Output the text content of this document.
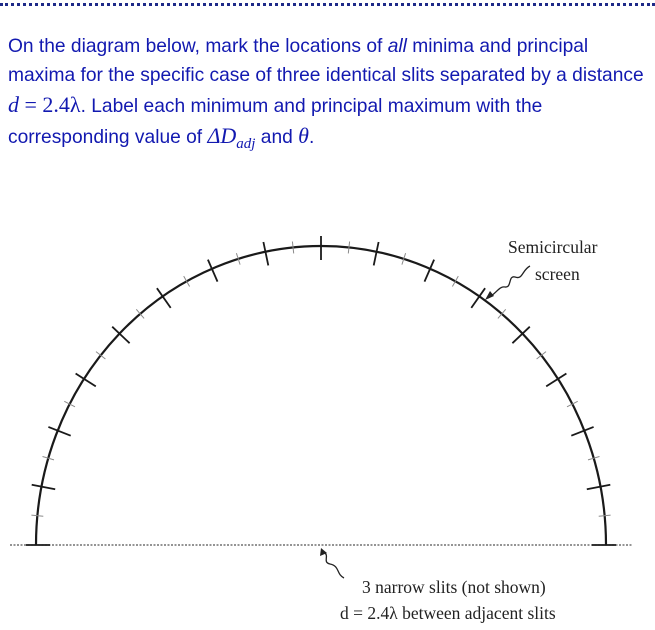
On the diagram below, mark the locations of all minima and principal maxima for the specific case of three identical slits separated by a distance d = 2.4λ. Label each minimum and principal maximum with the corresponding value of $\Delta D_{adj}$ and θ.

Semicircular
screen
3 narrow slits (not shown)
d = 2.4λ between adjacent slits
